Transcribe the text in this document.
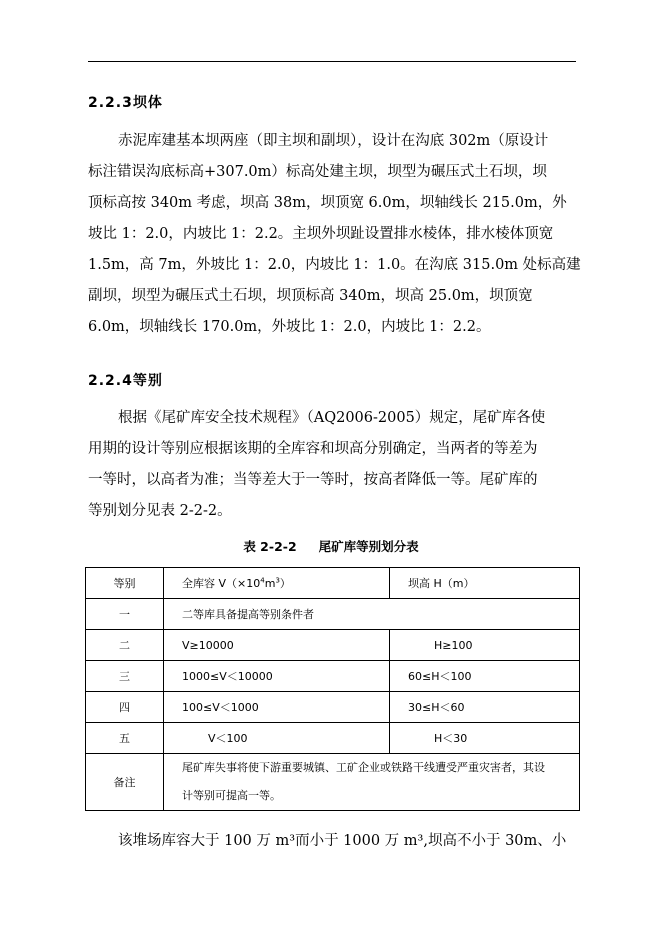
2.2.3坝体
赤泥库建基本坝两座（即主坝和副坝），设计在沟底 302m（原设计
标注错误沟底标高+307.0m）标高处建主坝，坝型为碾压式土石坝，坝
顶标高按 340m 考虑，坝高 38m，坝顶宽 6.0m，坝轴线长 215.0m，外
坡比 1：2.0，内坡比 1：2.2。主坝外坝趾设置排水棱体，排水棱体顶宽
1.5m，高 7m，外坡比 1：2.0，内坡比 1：1.0。在沟底 315.0m 处标高建
副坝，坝型为碾压式土石坝，坝顶标高 340m，坝高 25.0m，坝顶宽
6.0m，坝轴线长 170.0m，外坡比 1：2.0，内坡比 1：2.2。
2.2.4等别
根据《尾矿库安全技术规程》（AQ2006-2005）规定，尾矿库各使
用期的设计等别应根据该期的全库容和坝高分别确定，当两者的等差为
一等时，以高者为准；当等差大于一等时，按高者降低一等。尾矿库的
等别划分见表 2-2-2。
表 2-2-2 尾矿库等别划分表
等别	全库容 $V(\times 10^4m^3)$	坝高 H（m）
一	二等库具备提高等别条件者	
二	V≥10000	H≥100
三	1000≤V＜10000	60≤H＜100
四	100≤V＜1000	30≤H＜60
五	V＜100	H＜30
备注	尾矿库失事将使下游重要城镇、工矿企业或铁路干线遭受严重灾害者，其设
计等别可提高一等。	
该堆场库容大于 100 万 m³而小于 1000 万 m³,坝高不小于 30m、小
